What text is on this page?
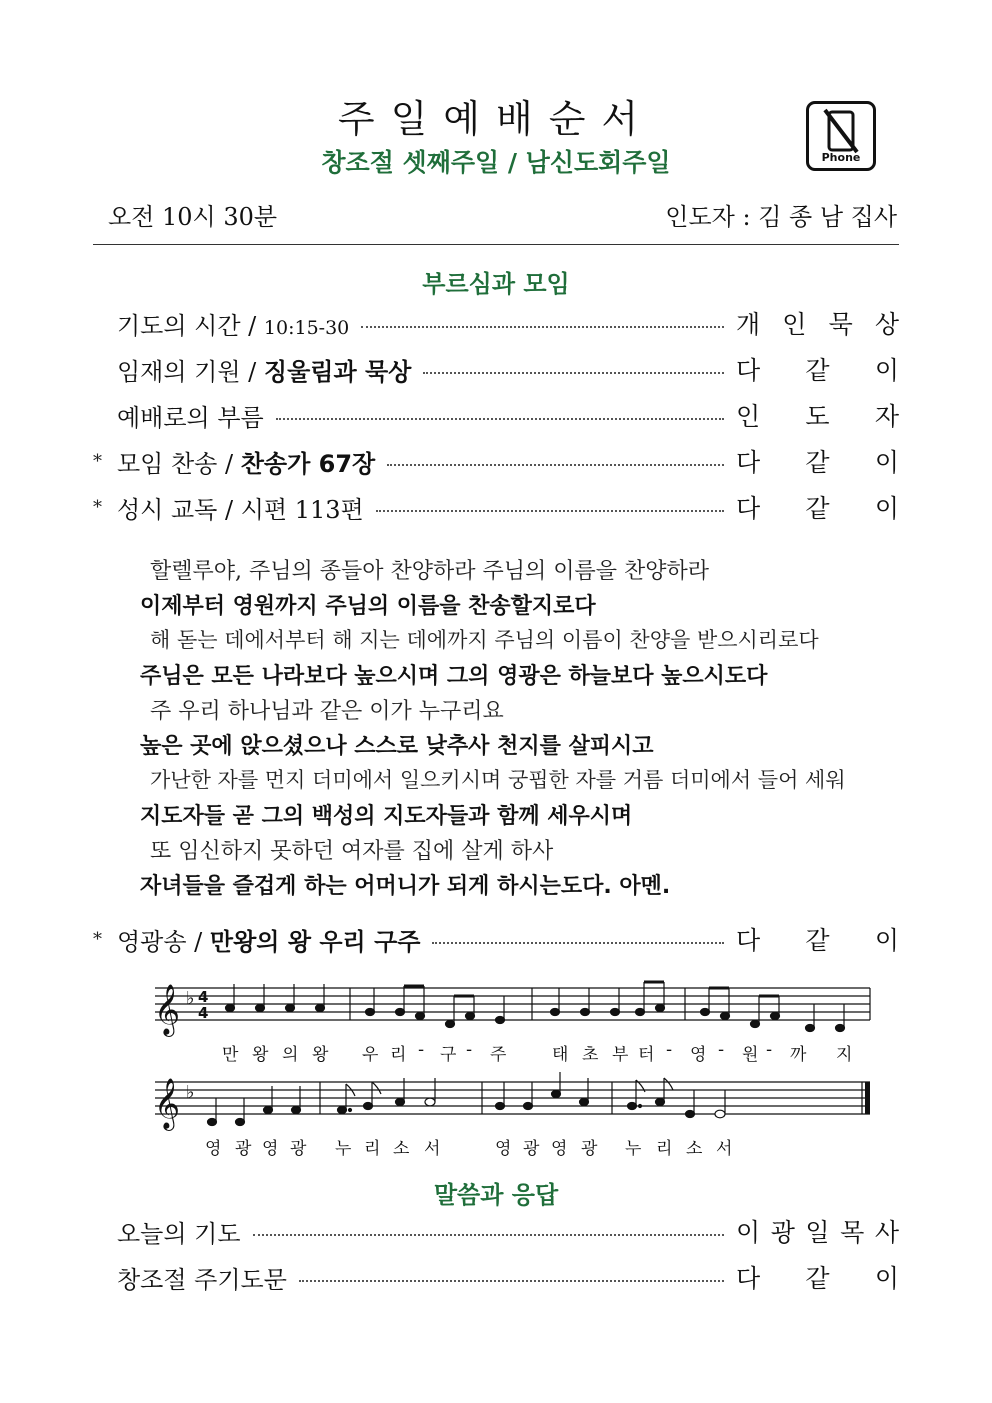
주일예배순서
창조절 셋째주일 / 남신도회주일	Phone
오전 10시 30분	인도자 : 김 종 남 집사
부르심과 모임
기도의 시간 / 10:15-30	개 인 묵 상
임재의 기원 / 징울림과 묵상	다 같 이
예배로의 부름	인 도 자
* 모임 찬송 / 찬송가 67장	다 같 이
* 성시 교독 / 시편 113편	다 같 이
할렐루야, 주님의 종들아 찬양하라 주님의 이름을 찬양하라
이제부터 영원까지 주님의 이름을 찬송할지로다
해 돋는 데에서부터 해 지는 데에까지 주님의 이름이 찬양을 받으시리로다
주님은 모든 나라보다 높으시며 그의 영광은 하늘보다 높으시도다
주 우리 하나님과 같은 이가 누구리요
높은 곳에 앉으셨으나 스스로 낮추사 천지를 살피시고
가난한 자를 먼지 더미에서 일으키시며 궁핍한 자를 거름 더미에서 들어 세워
지도자들 곧 그의 백성의 지도자들과 함께 세우시며
또 임신하지 못하던 여자를 집에 살게 하사
자녀들을 즐겁게 하는 어머니가 되게 하시는도다. 아멘.
* 영광송 / 만왕의 왕 우리 구주	다 같 이
𝄞 ♭ 4
4
만 왕 의 왕 우 리 - 구 - 주	태 초 부 터 - 영 - 원 - 까 지
𝄞 ♭
영 광 영 광 누 리 소 서	영 광 영 광 누 리 소 서
말씀과 응답
오늘의 기도	이 광 일 목 사
창조절 주기도문	다 같 이
